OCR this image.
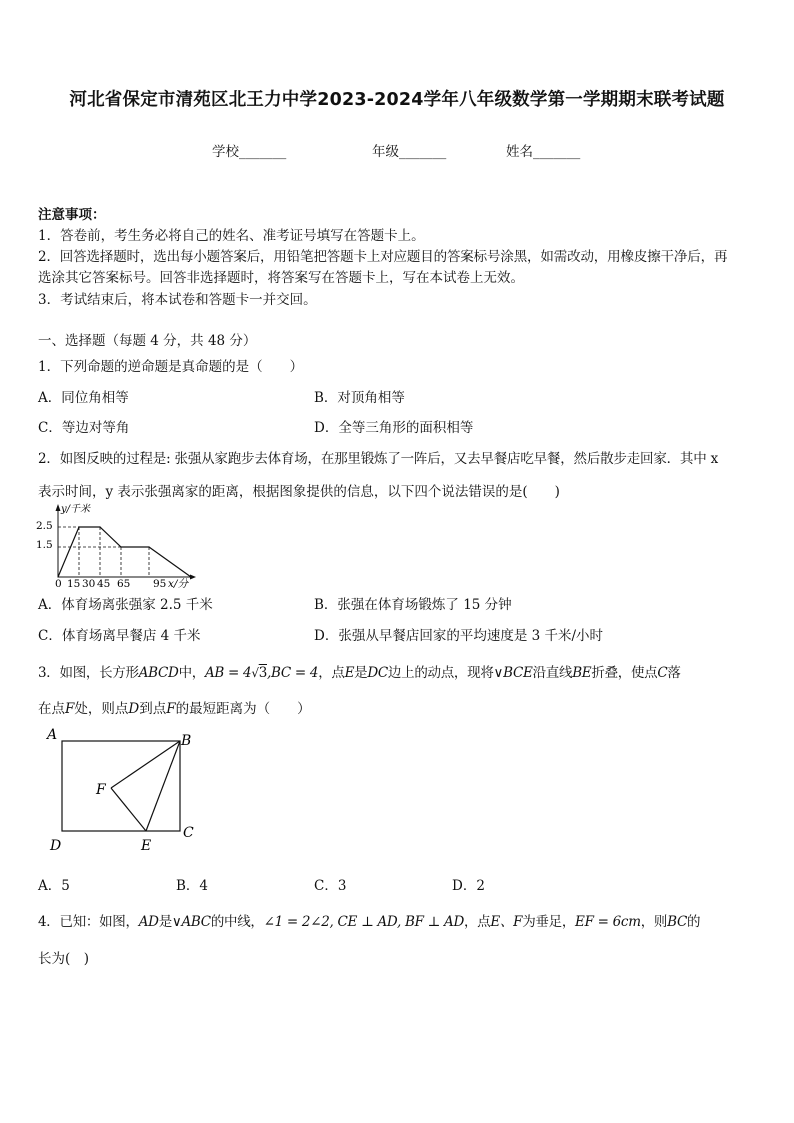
河北省保定市清苑区北王力中学2023-2024学年八年级数学第一学期期末联考试题
学校_______	年级_______	姓名_______
注意事项：
1．答卷前，考生务必将自己的姓名、准考证号填写在答题卡上。
2．回答选择题时，选出每小题答案后，用铅笔把答题卡上对应题目的答案标号涂黑，如需改动，用橡皮擦干净后，再
选涂其它答案标号。回答非选择题时，将答案写在答题卡上，写在本试卷上无效。
3．考试结束后，将本试卷和答题卡一并交回。
一、选择题（每题 4 分，共 48 分）
1．下列命题的逆命题是真命题的是（　　）
A．同位角相等	B．对顶角相等
C．等边对等角	D．全等三角形的面积相等
2．如图反映的过程是: 张强从家跑步去体育场，在那里锻炼了一阵后，又去早餐店吃早餐，然后散步走回家．其中 x
表示时间，y 表示张强离家的距离，根据图象提供的信息，以下四个说法错误的是(　　)
y/千米
2.5
1.5
0 15 30 45 65 95 x/分
A．体育场离张强家 2.5 千米	B．张强在体育场锻炼了 15 分钟
C．体育场离早餐店 4 千米	D．张强从早餐店回家的平均速度是 3 千米/小时
3．如图，长方形ABCD中，AB = 4√3,BC = 4，点E是DC边上的动点，现将∨BCE沿直线BE折叠，使点C落
在点F处，则点D到点F的最短距离为（　　）
A	B
C
D	E
F
A．5	B．4	C．3	D．2
4．已知：如图，AD是∨ABC的中线，∠1 = 2∠2, CE ⊥ AD, BF ⊥ AD，点E、F为垂足，EF = 6cm，则BC的
长为(　)
